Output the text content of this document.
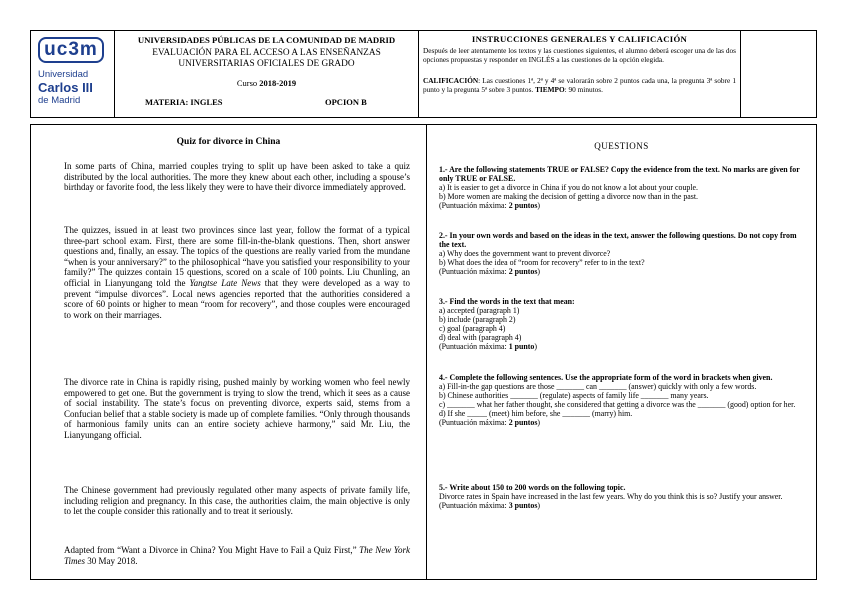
uc3m
Universidad
Carlos III
de Madrid
UNIVERSIDADES PÚBLICAS DE LA COMUNIDAD DE MADRID
EVALUACIÓN PARA EL ACCESO A LAS ENSEÑANZAS UNIVERSITARIAS OFICIALES DE GRADO
Curso 2018-2019
MATERIA: INGLES	OPCION B
INSTRUCCIONES GENERALES Y CALIFICACIÓN
Después de leer atentamente los textos y las cuestiones siguientes, el alumno deberá escoger una de las dos opciones propuestas y responder en INGLÉS a las cuestiones de la opción elegida.
CALIFICACIÓN: Las cuestiones 1ª, 2ª y 4ª se valorarán sobre 2 puntos cada una, la pregunta 3ª sobre 1 punto y la pregunta 5ª sobre 3 puntos. TIEMPO: 90 minutos.
Quiz for divorce in China
In some parts of China, married couples trying to split up have been asked to take a quiz distributed by the local authorities. The more they knew about each other, including a spouse’s birthday or favorite food, the less likely they were to have their divorce immediately approved.
The quizzes, issued in at least two provinces since last year, follow the format of a typical three-part school exam. First, there are some fill-in-the-blank questions. Then, short answer questions and, finally, an essay. The topics of the questions are really varied from the mundane “when is your anniversary?” to the philosophical “have you satisfied your responsibility to your family?” The quizzes contain 15 questions, scored on a scale of 100 points. Liu Chunling, an official in Lianyungang told the Yangtse Late News that they were developed as a way to prevent “impulse divorces”. Local news agencies reported that the authorities considered a score of 60 points or higher to mean “room for recovery”, and those couples were encouraged to work on their marriages.
The divorce rate in China is rapidly rising, pushed mainly by working women who feel newly empowered to get one. But the government is trying to slow the trend, which it sees as a cause of social instability. The state’s focus on preventing divorce, experts said, stems from a Confucian belief that a stable society is made up of complete families. “Only through thousands of harmonious family units can an entire society achieve harmony,” said Mr. Liu, the Lianyungang official.
The Chinese government had previously regulated other many aspects of private family life, including religion and pregnancy. In this case, the authorities claim, the main objective is only to let the couple consider this rationally and to treat it seriously.
Adapted from “Want a Divorce in China? You Might Have to Fail a Quiz First,” The New York Times 30 May 2018.
QUESTIONS
1.- Are the following statements TRUE or FALSE? Copy the evidence from the text. No marks are given for only TRUE or FALSE.
a) It is easier to get a divorce in China if you do not know a lot about your couple.
b) More women are making the decision of getting a divorce now than in the past.
(Puntuación máxima: 2 puntos)
2.- In your own words and based on the ideas in the text, answer the following questions. Do not copy from the text.
a) Why does the government want to prevent divorce?
b) What does the idea of “room for recovery” refer to in the text?
(Puntuación máxima: 2 puntos)
3.- Find the words in the text that mean:
a) accepted (paragraph 1)
b) include (paragraph 2)
c) goal (paragraph 4)
d) deal with (paragraph 4)
(Puntuación máxima: 1 punto)
4.- Complete the following sentences. Use the appropriate form of the word in brackets when given.
a) Fill-in-the gap questions are those _______ can _______ (answer) quickly with only a few words.
b) Chinese authorities _______ (regulate) aspects of family life _______ many years.
c) _______ what her father thought, she considered that getting a divorce was the _______ (good) option for her.
d) If she _____ (meet) him before, she _______ (marry) him.
(Puntuación máxima: 2 puntos)
5.- Write about 150 to 200 words on the following topic.
Divorce rates in Spain have increased in the last few years. Why do you think this is so? Justify your answer.
(Puntuación máxima: 3 puntos)
